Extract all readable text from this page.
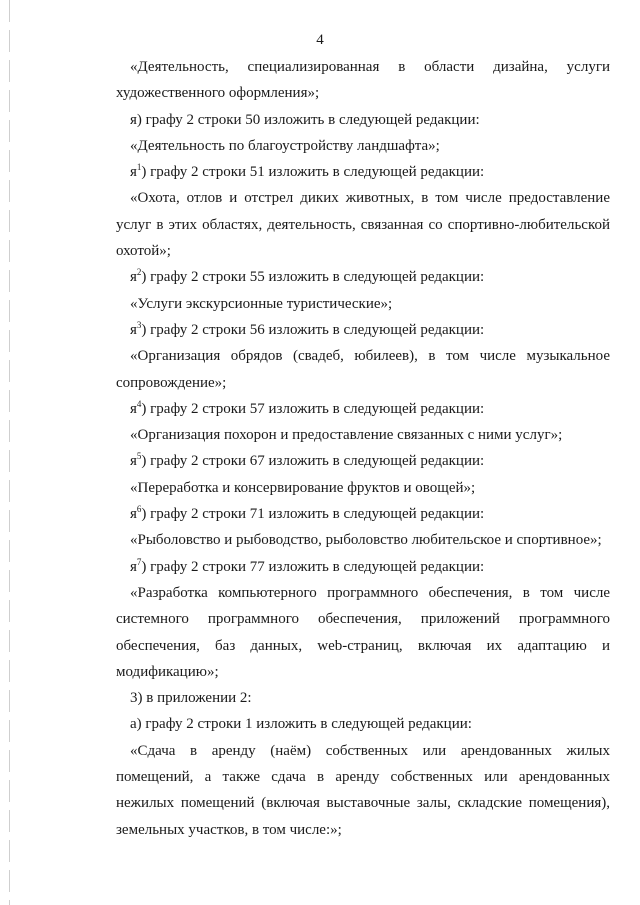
4

«Деятельность, специализированная в области дизайна, услуги художественного оформления»;

я) графу 2 строки 50 изложить в следующей редакции:

«Деятельность по благоустройству ландшафта»;

$я^1$) графу 2 строки 51 изложить в следующей редакции:

«Охота, отлов и отстрел диких животных, в том числе предоставление услуг в этих областях, деятельность, связанная со спортивно-любительской охотой»;

$я^2$) графу 2 строки 55 изложить в следующей редакции:

«Услуги экскурсионные туристические»;

$я^3$) графу 2 строки 56 изложить в следующей редакции:

«Организация обрядов (свадеб, юбилеев), в том числе музыкальное сопровождение»;

$я^4$) графу 2 строки 57 изложить в следующей редакции:

«Организация похорон и предоставление связанных с ними услуг»;

$я^5$) графу 2 строки 67 изложить в следующей редакции:

«Переработка и консервирование фруктов и овощей»;

$я^6$) графу 2 строки 71 изложить в следующей редакции:

«Рыболовство и рыбоводство, рыболовство любительское и спортивное»;

$я^7$) графу 2 строки 77 изложить в следующей редакции:

«Разработка компьютерного программного обеспечения, в том числе системного программного обеспечения, приложений программного обеспечения, баз данных, web-страниц, включая их адаптацию и модификацию»;

3) в приложении 2:

а) графу 2 строки 1 изложить в следующей редакции:

«Сдача в аренду (наём) собственных или арендованных жилых помещений, а также сдача в аренду собственных или арендованных нежилых помещений (включая выставочные залы, складские помещения), земельных участков, в том числе:»;
